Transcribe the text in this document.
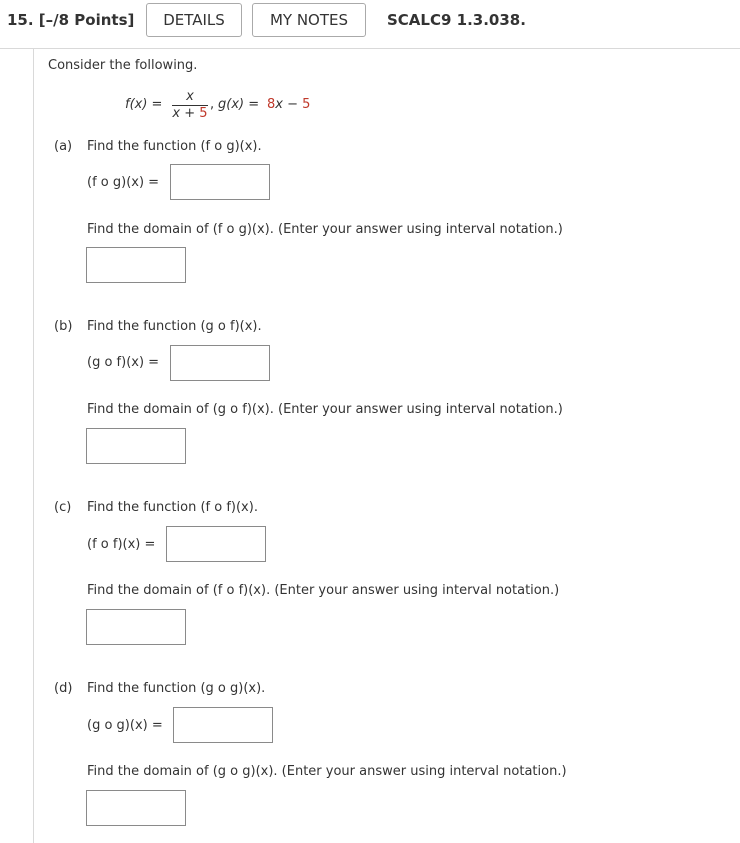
15. [–/8 Points]	DETAILS	MY NOTES	SCALC9 1.3.038.
Consider the following.
f(x) =
x
x + 5
, g(x) = 8x − 5
(a) Find the function (f o g)(x).
(f o g)(x) =
Find the domain of (f o g)(x). (Enter your answer using interval notation.)
(b) Find the function (g o f)(x).
(g o f)(x) =
Find the domain of (g o f)(x). (Enter your answer using interval notation.)
(c) Find the function (f o f)(x).
(f o f)(x) =
Find the domain of (f o f)(x). (Enter your answer using interval notation.)
(d) Find the function (g o g)(x).
(g o g)(x) =
Find the domain of (g o g)(x). (Enter your answer using interval notation.)
